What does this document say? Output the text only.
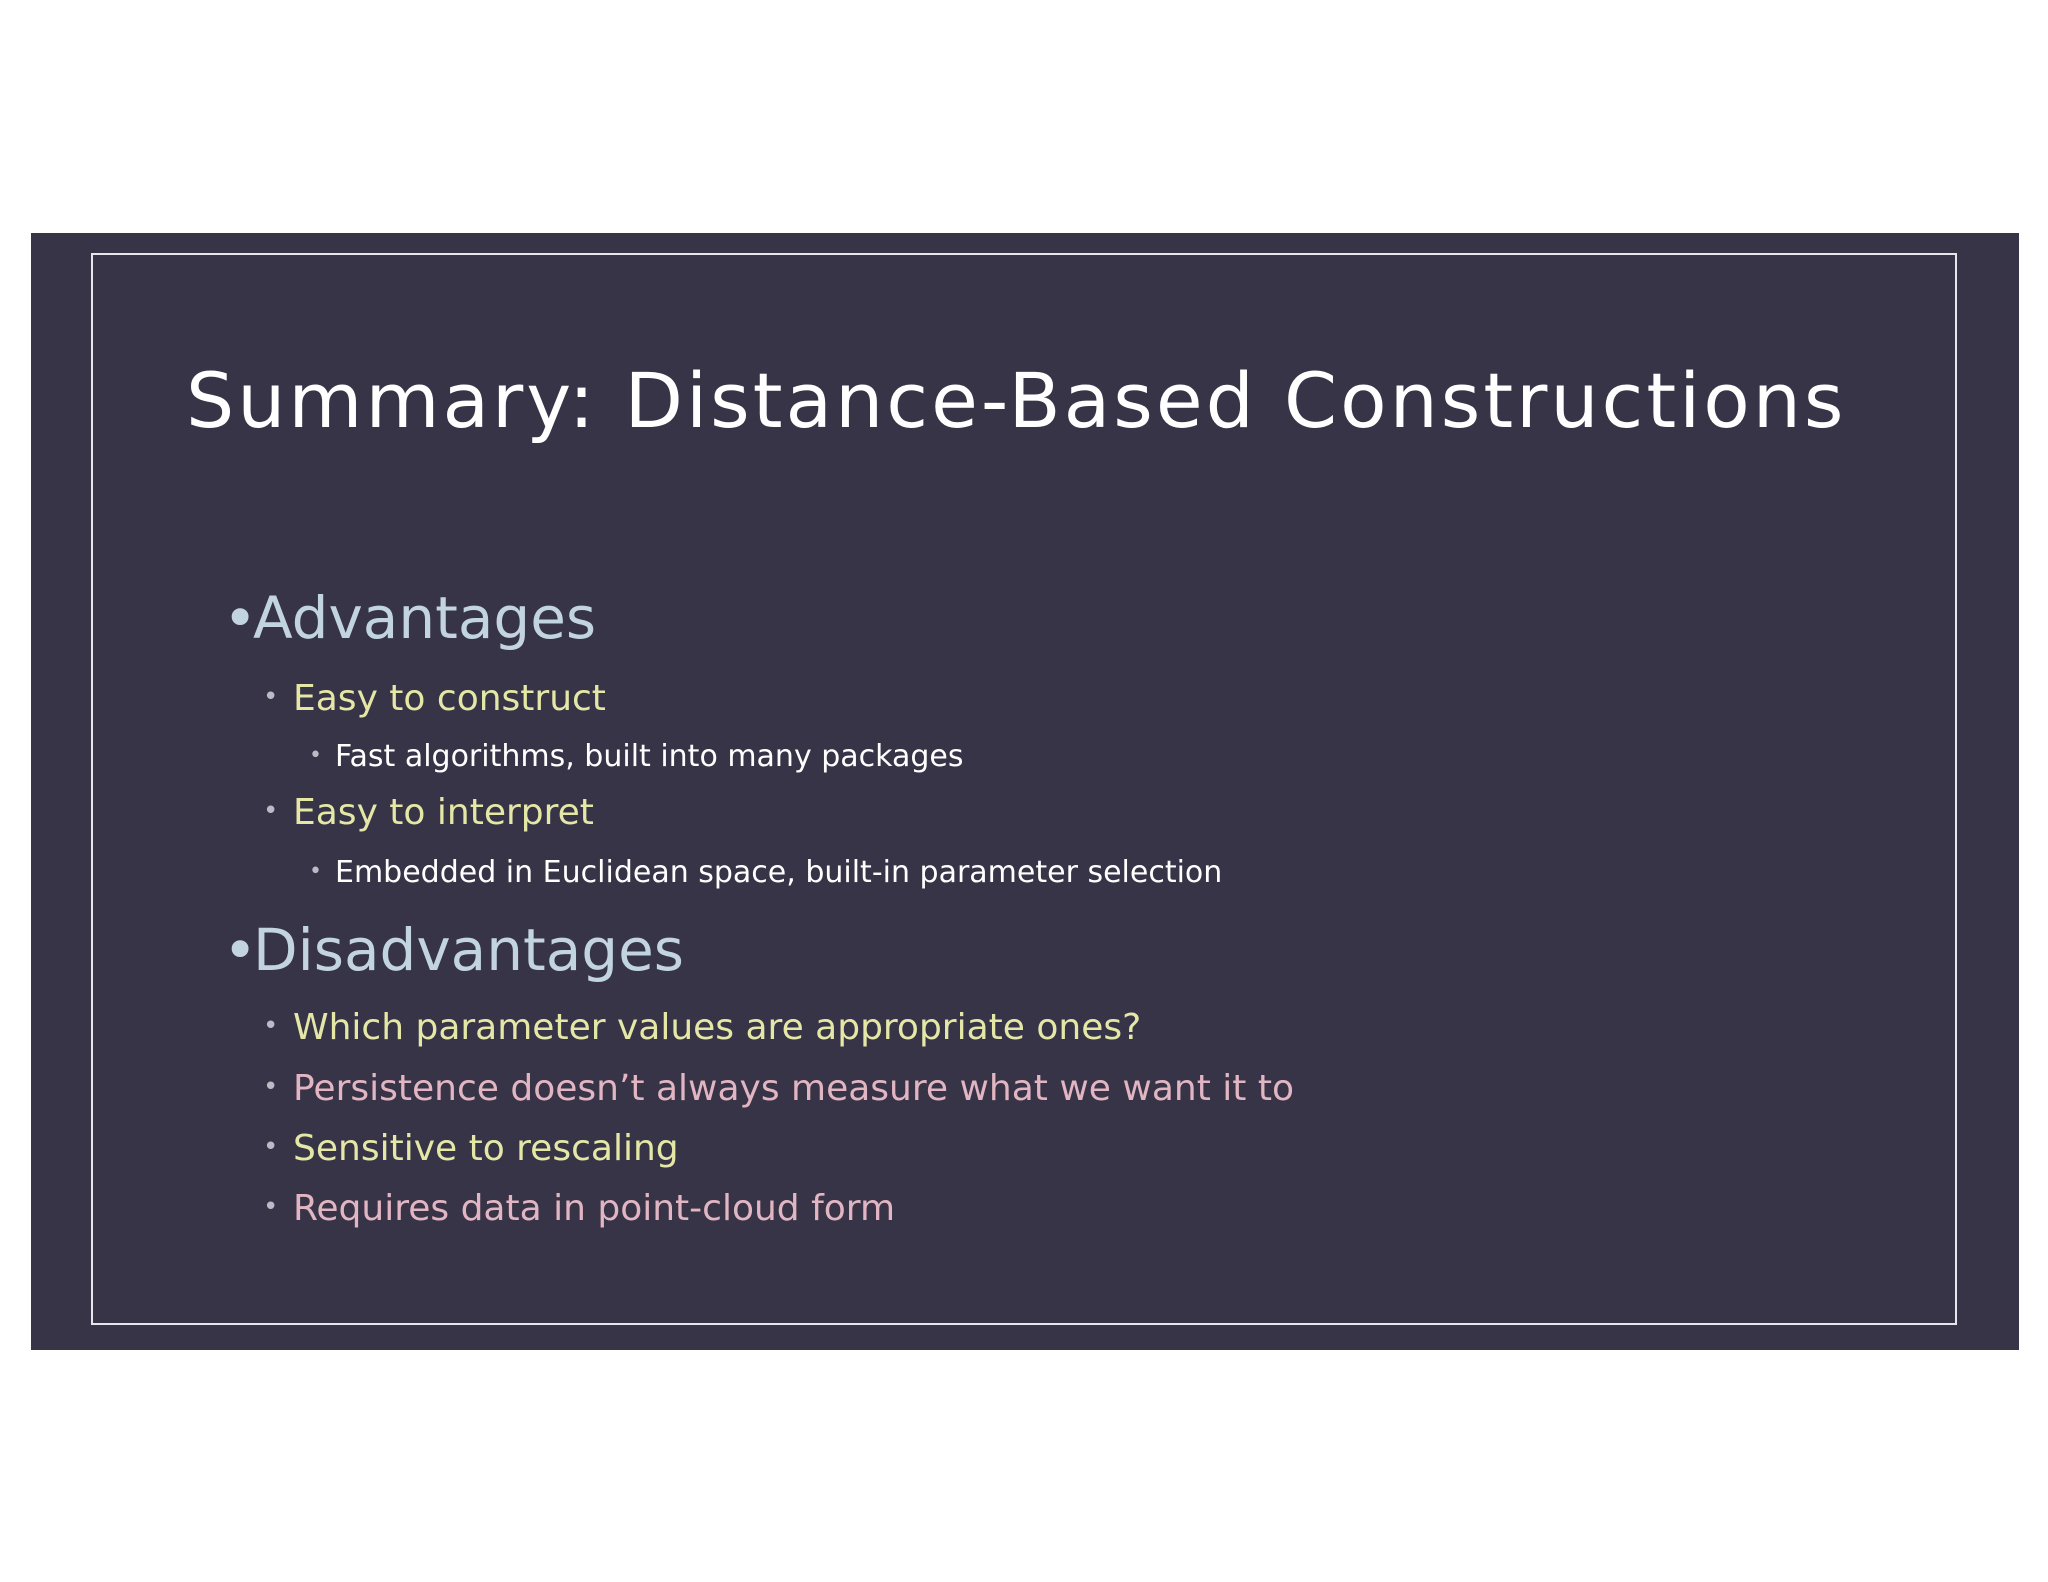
Summary: Distance-Based Constructions
•Advantages
• Easy to construct
• Fast algorithms, built into many packages
• Easy to interpret
• Embedded in Euclidean space, built-in parameter selection
•Disadvantages
• Which parameter values are appropriate ones?
• Persistence doesn’t always measure what we want it to
• Sensitive to rescaling
• Requires data in point-cloud form
